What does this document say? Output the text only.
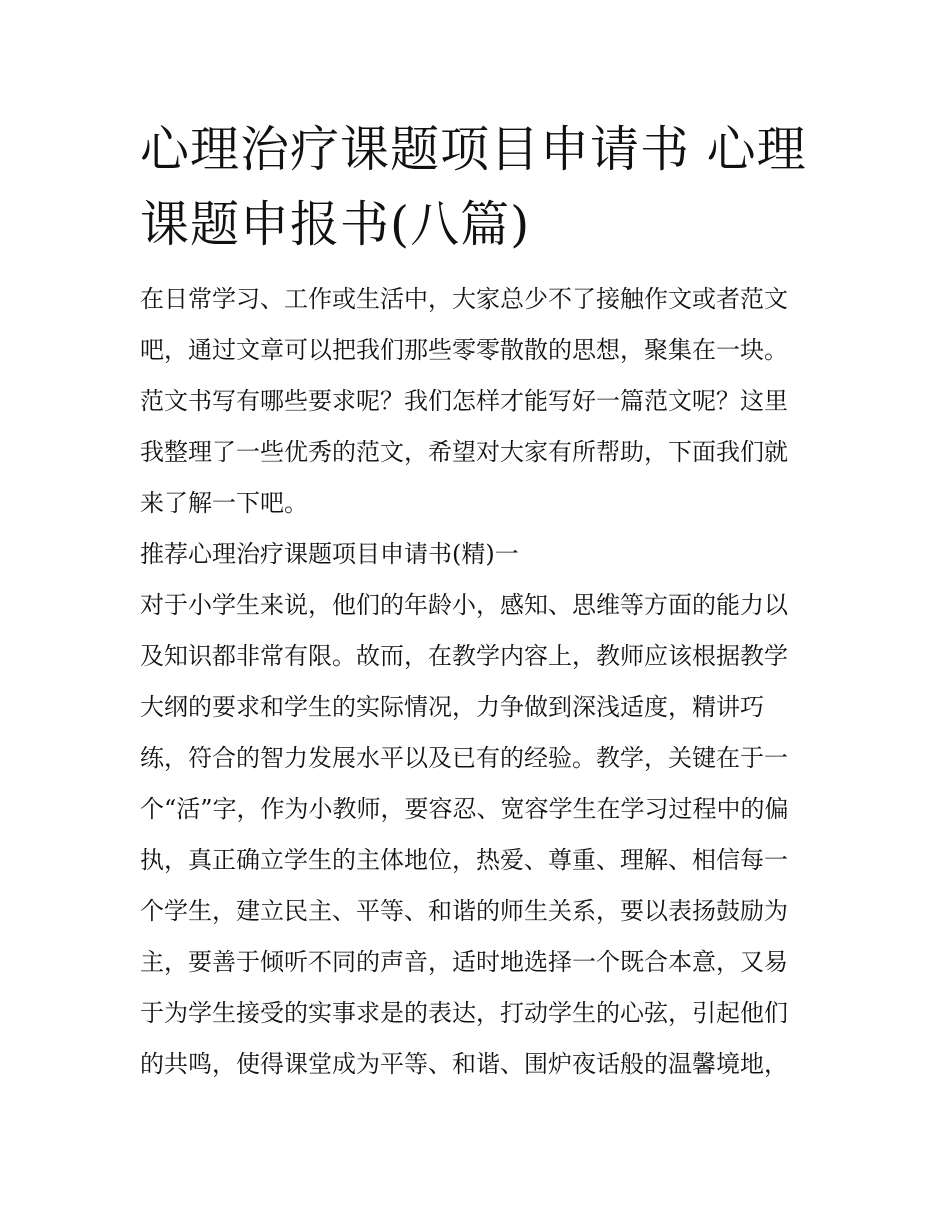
心理治疗课题项目申请书 心理
课题申报书(八篇)

在日常学习、工作或生活中，大家总少不了接触作文或者范文
吧，通过文章可以把我们那些零零散散的思想，聚集在一块。
范文书写有哪些要求呢？我们怎样才能写好一篇范文呢？这里
我整理了一些优秀的范文，希望对大家有所帮助，下面我们就
来了解一下吧。

推荐心理治疗课题项目申请书(精)一

对于小学生来说，他们的年龄小，感知、思维等方面的能力以
及知识都非常有限。故而，在教学内容上，教师应该根据教学
大纲的要求和学生的实际情况，力争做到深浅适度，精讲巧
练，符合的智力发展水平以及已有的经验。教学，关键在于一
个“活”字，作为小教师，要容忍、宽容学生在学习过程中的偏
执，真正确立学生的主体地位，热爱、尊重、理解、相信每一
个学生，建立民主、平等、和谐的师生关系，要以表扬鼓励为
主，要善于倾听不同的声音，适时地选择一个既合本意，又易
于为学生接受的实事求是的表达，打动学生的心弦，引起他们
的共鸣，使得课堂成为平等、和谐、围炉夜话般的温馨境地，
